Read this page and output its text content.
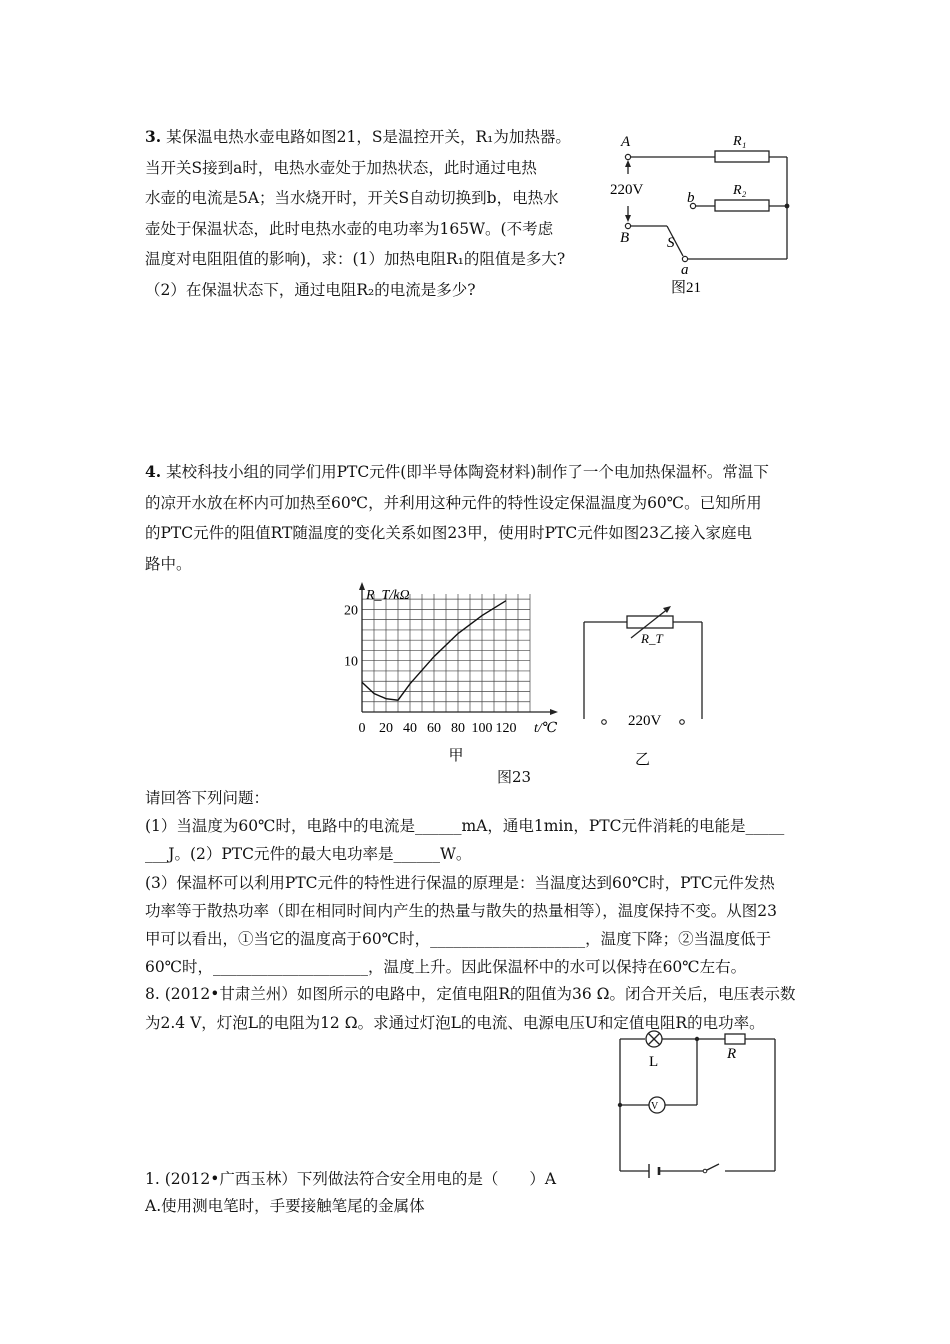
3. 某保温电热水壶电路如图21，S是温控开关，R₁为加热器。
当开关S接到a时，电热水壶处于加热状态，此时通过电热
水壶的电流是5A；当水烧开时，开关S自动切换到b，电热水
壶处于保温状态，此时电热水壶的电功率为165W。(不考虑
温度对电阻阻值的影响)，求：(1）加热电阻R₁的阻值是多大?
（2）在保温状态下，通过电阻R₂的电流是多少?
A
B
220V
R₁
R₂
b
a
S
图21
4. 某校科技小组的同学们用PTC元件(即半导体陶瓷材料)制作了一个电加热保温杯。常温下
的凉开水放在杯内可加热至60℃，并利用这种元件的特性设定保温温度为60℃。已知所用
的PTC元件的阻值RT随温度的变化关系如图23甲，使用时PTC元件如图23乙接入家庭电
路中。
0 20 40 60 80 100 120
10
20
R_T/kΩ
t/℃
甲
R_T
220V
乙
图23
请回答下列问题：
(1）当温度为60℃时，电路中的电流是______mA，通电1min，PTC元件消耗的电能是_____
___J。(2）PTC元件的最大电功率是______W。
(3）保温杯可以利用PTC元件的特性进行保温的原理是：当温度达到60℃时，PTC元件发热
功率等于散热功率（即在相同时间内产生的热量与散失的热量相等），温度保持不变。从图23
甲可以看出，①当它的温度高于60℃时，____________________，温度下降；②当温度低于
60℃时，____________________，温度上升。因此保温杯中的水可以保持在60℃左右。
8. (2012•甘肃兰州）如图所示的电路中，定值电阻R的阻值为36 Ω。闭合开关后，电压表示数
为2.4 V，灯泡L的电阻为12 Ω。求通过灯泡L的电流、电源电压U和定值电阻R的电功率。
V
L	R
1. (2012•广西玉林）下列做法符合安全用电的是（　　）A
A.使用测电笔时，手要接触笔尾的金属体
